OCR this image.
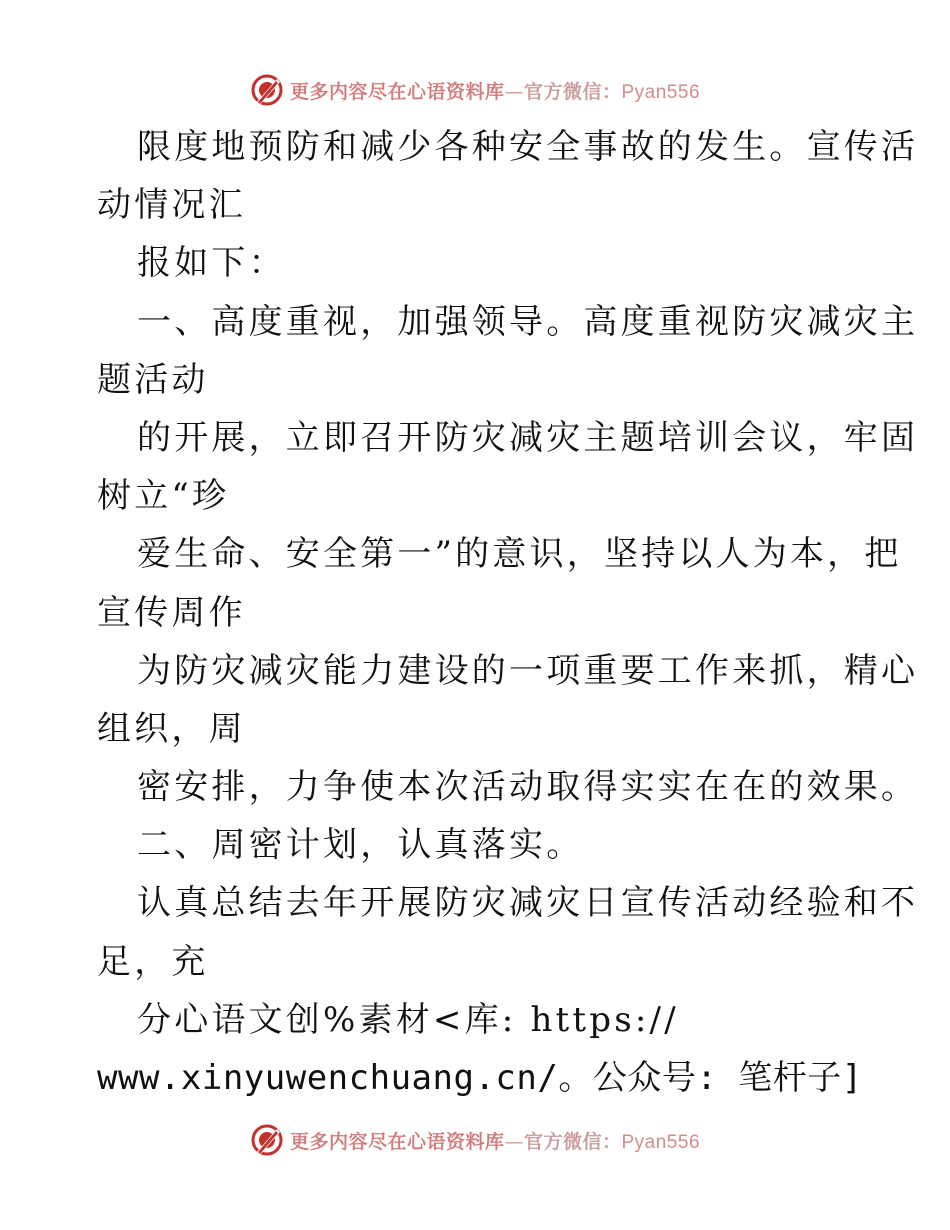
更多内容尽在心语资料库—官方微信：Pyan556
限度地预防和减少各种安全事故的发生。宣传活
动情况汇
报如下：
一、高度重视，加强领导。高度重视防灾减灾主
题活动
的开展，立即召开防灾减灾主题培训会议，牢固
树立“珍
爱生命、安全第一”的意识，坚持以人为本，把
宣传周作
为防灾减灾能力建设的一项重要工作来抓，精心
组织，周
密安排，力争使本次活动取得实实在在的效果。
二、周密计划，认真落实。
认真总结去年开展防灾减灾日宣传活动经验和不
足，充
分心语文创%素材<库: https://
www.xinyuwenchuang.cn/。公众号: 笔杆子]
更多内容尽在心语资料库—官方微信：Pyan556
